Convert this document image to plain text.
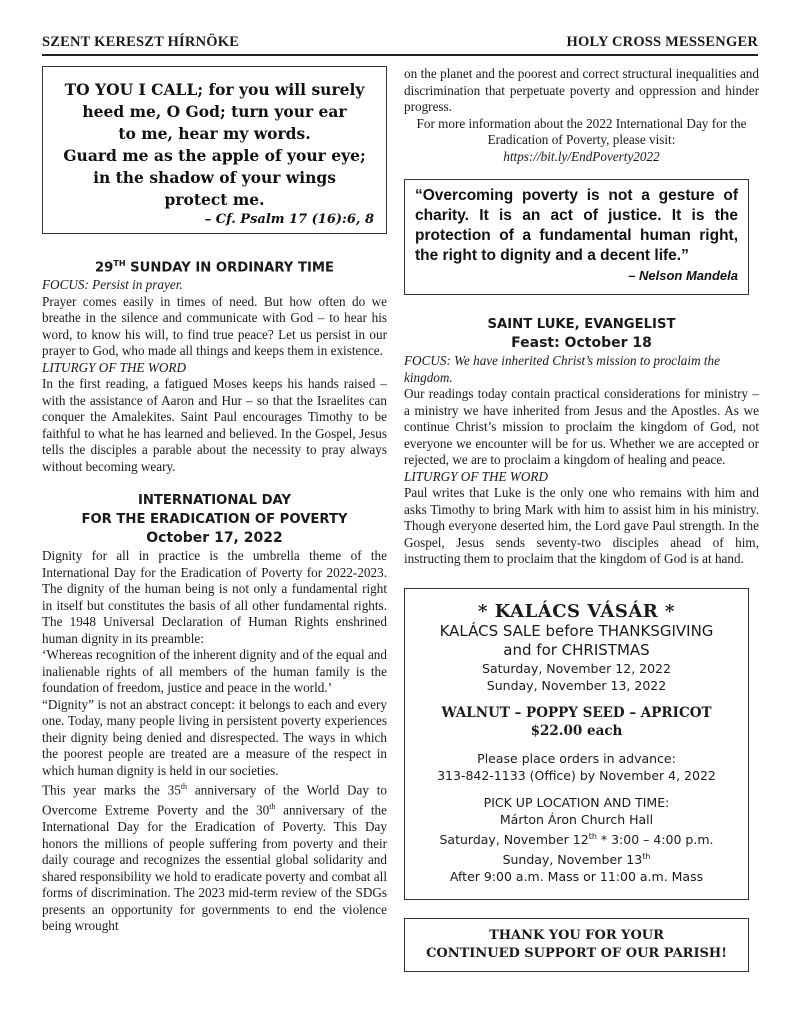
SZENT KERESZT HÍRNÖKE	HOLY CROSS MESSENGER
TO YOU I CALL; for you will surely
heed me, O God; turn your ear
to me, hear my words.
Guard me as the apple of your eye;
in the shadow of your wings
protect me.
– Cf. Psalm 17 (16):6, 8
29TH SUNDAY IN ORDINARY TIME
FOCUS: Persist in prayer.

Prayer comes easily in times of need. But how often do we breathe in the silence and communicate with God – to hear his word, to know his will, to find true peace? Let us persist in our prayer to God, who made all things and keeps them in existence.

LITURGY OF THE WORD

In the first reading, a fatigued Moses keeps his hands raised – with the assistance of Aaron and Hur – so that the Israelites can conquer the Amalekites. Saint Paul encourages Timothy to be faithful to what he has learned and believed. In the Gospel, Jesus tells the disciples a parable about the necessity to pray always without becoming weary.

INTERNATIONAL DAY
FOR THE ERADICATION OF POVERTY
October 17, 2022

Dignity for all in practice is the umbrella theme of the International Day for the Eradication of Poverty for 2022-2023. The dignity of the human being is not only a fundamental right in itself but constitutes the basis of all other fundamental rights. The 1948 Universal Declaration of Human Rights enshrined human dignity in its preamble:

‘Whereas recognition of the inherent dignity and of the equal and inalienable rights of all members of the human family is the foundation of freedom, justice and peace in the world.’

“Dignity” is not an abstract concept: it belongs to each and every one. Today, many people living in persistent poverty experiences their dignity being denied and disrespected. The ways in which the poorest people are treated are a measure of the respect in which human dignity is held in our societies.

This year marks the 35th anniversary of the World Day to Overcome Extreme Poverty and the 30th anniversary of the International Day for the Eradication of Poverty. This Day honors the millions of people suffering from poverty and their daily courage and recognizes the essential global solidarity and shared responsibility we hold to eradicate poverty and combat all forms of discrimination. The 2023 mid-term review of the SDGs presents an opportunity for governments to end the violence being wrought

on the planet and the poorest and correct structural inequalities and discrimination that perpetuate poverty and oppression and hinder progress.

For more information about the 2022 International Day for the Eradication of Poverty, please visit:
https://bit.ly/EndPoverty2022
“Overcoming poverty is not a gesture of charity. It is an act of justice. It is the protection of a fundamental human right, the right to dignity and a decent life.”
– Nelson Mandela
SAINT LUKE, EVANGELIST
Feast: October 18
FOCUS: We have inherited Christ’s mission to proclaim the kingdom.

Our readings today contain practical considerations for ministry – a ministry we have inherited from Jesus and the Apostles. As we continue Christ’s mission to proclaim the kingdom of God, not everyone we encounter will be for us. Whether we are accepted or rejected, we are to proclaim a kingdom of healing and peace.

LITURGY OF THE WORD

Paul writes that Luke is the only one who remains with him and asks Timothy to bring Mark with him to assist him in his ministry. Though everyone deserted him, the Lord gave Paul strength. In the Gospel, Jesus sends seventy-two disciples ahead of him, instructing them to proclaim that the kingdom of God is at hand.

* KALÁCS VÁSÁR *
KALÁCS SALE before THANKSGIVING
and for CHRISTMAS
Saturday, November 12, 2022
Sunday, November 13, 2022
WALNUT – POPPY SEED – APRICOT
$22.00 each
Please place orders in advance:
313-842-1133 (Office) by November 4, 2022
PICK UP LOCATION AND TIME:
Márton Áron Church Hall
Saturday, November 12th * 3:00 – 4:00 p.m.
Sunday, November 13th
After 9:00 a.m. Mass or 11:00 a.m. Mass
THANK YOU FOR YOUR
CONTINUED SUPPORT OF OUR PARISH!
